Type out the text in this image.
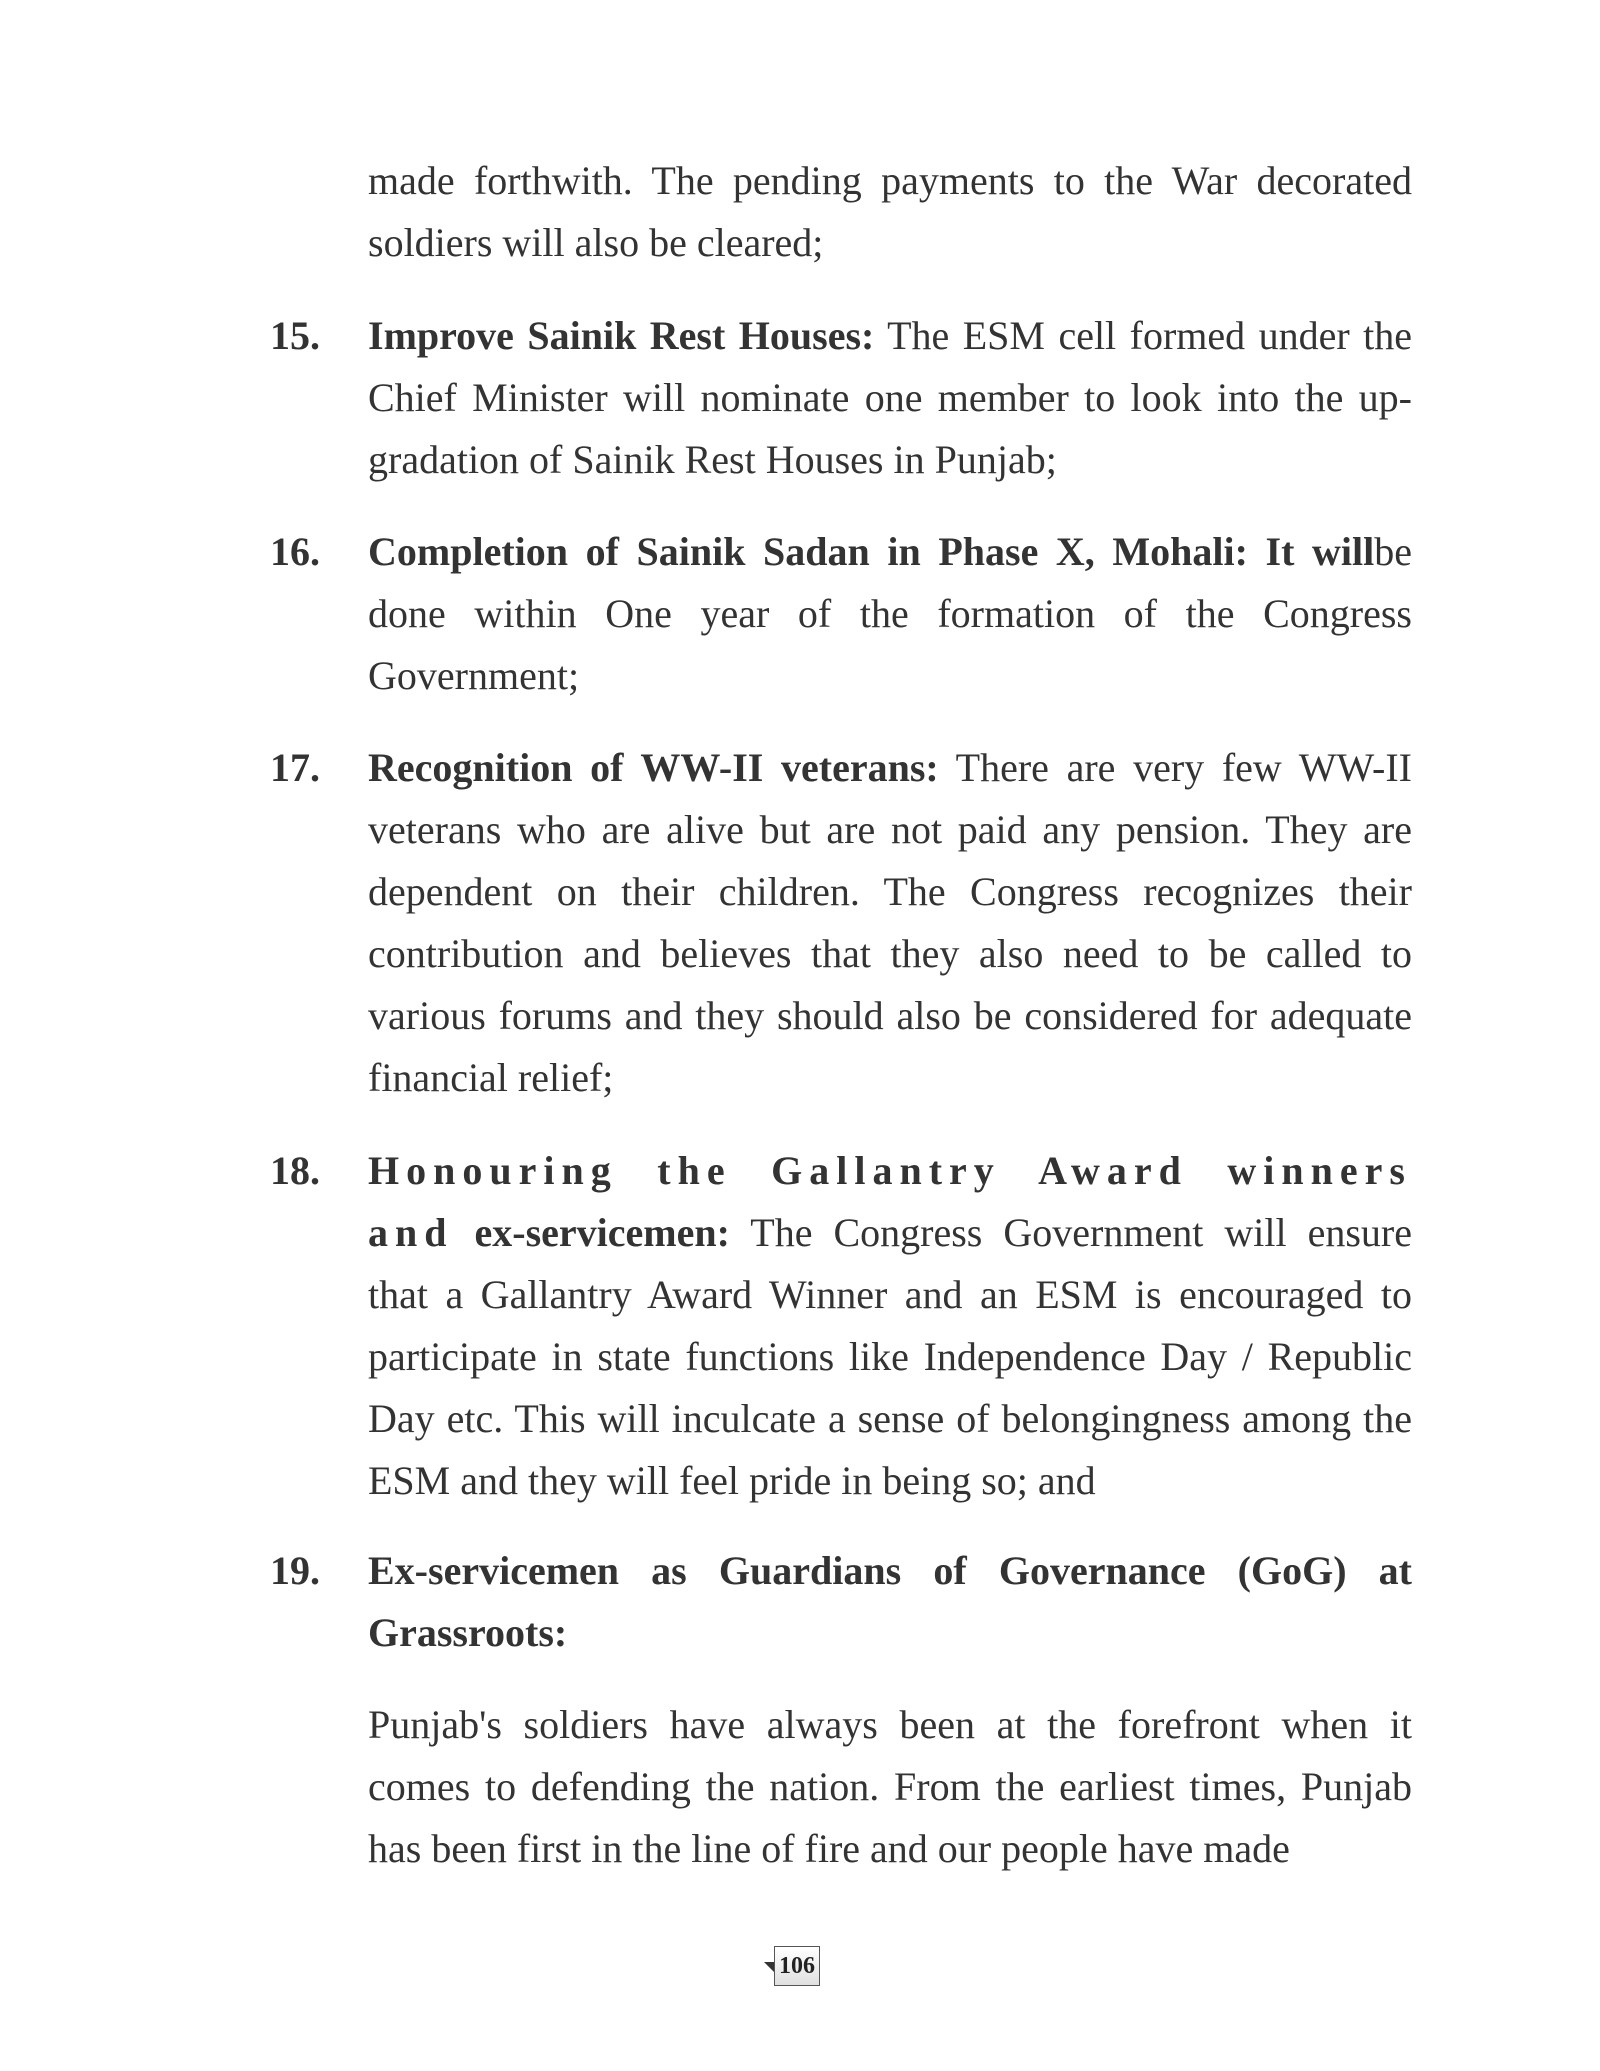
made forthwith. The pending payments to the War decorated soldiers will also be cleared;
15. Improve Sainik Rest Houses: The ESM cell formed under the Chief Minister will nominate one member to look into the up-gradation of Sainik Rest Houses in Punjab;
16. Completion of Sainik Sadan in Phase X, Mohali: It willbe done within One year of the formation of the Congress Government;
17. Recognition of WW-II veterans: There are very few WW-II veterans who are alive but are not paid any pension. They are dependent on their children. The Congress recognizes their contribution and believes that they also need to be called to various forums and they should also be considered for adequate financial relief;
18. Honouring the Gallantry Award winners and ex-servicemen: The Congress Government will ensure that a Gallantry Award Winner and an ESM is encouraged to participate in state functions like Independence Day / Republic Day etc. This will inculcate a sense of belongingness among the ESM and they will feel pride in being so; and
19. Ex-servicemen as Guardians of Governance (GoG) at Grassroots:
Punjab's soldiers have always been at the forefront when it comes to defending the nation. From the earliest times, Punjab has been first in the line of fire and our people have made
106
